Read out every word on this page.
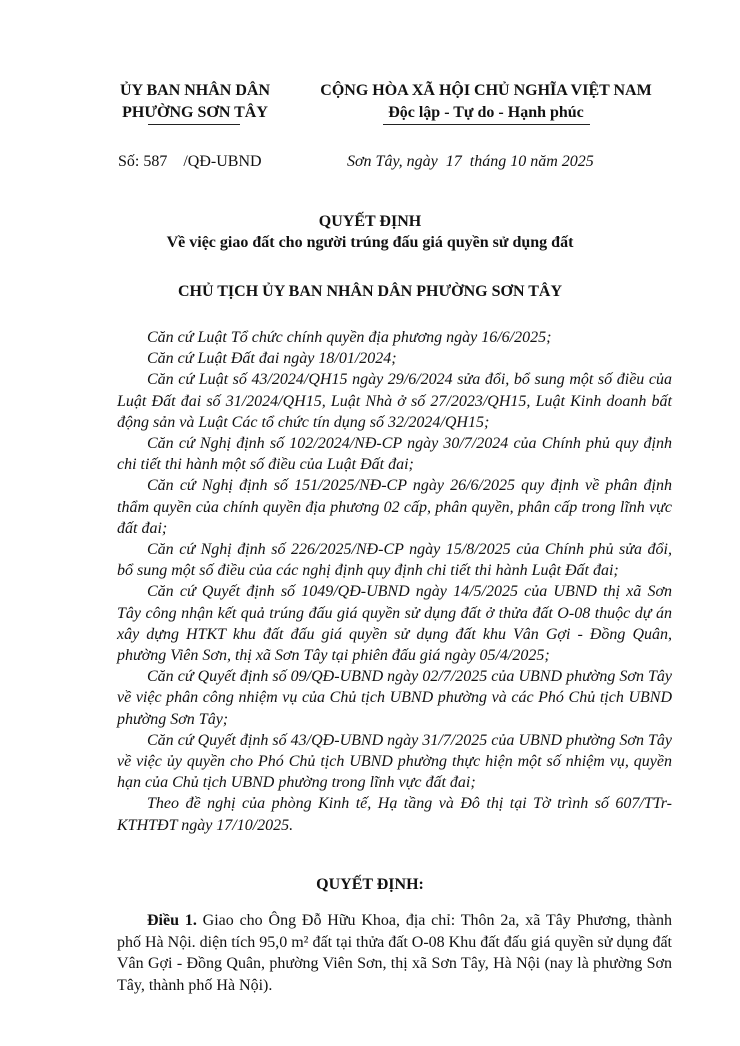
ỦY BAN NHÂN DÂN
PHƯỜNG SƠN TÂY
CỘNG HÒA XÃ HỘI CHỦ NGHĨA VIỆT NAM
Độc lập - Tự do - Hạnh phúc
Số: 587    /QĐ-UBND	Sơn Tây, ngày  17  tháng 10 năm 2025
QUYẾT ĐỊNH
Về việc giao đất cho người trúng đấu giá quyền sử dụng đất
CHỦ TỊCH ỦY BAN NHÂN DÂN PHƯỜNG SƠN TÂY

Căn cứ Luật Tổ chức chính quyền địa phương ngày 16/6/2025;

Căn cứ Luật Đất đai ngày 18/01/2024;

Căn cứ Luật số 43/2024/QH15 ngày 29/6/2024 sửa đổi, bổ sung một số điều của Luật Đất đai số 31/2024/QH15, Luật Nhà ở số 27/2023/QH15, Luật Kinh doanh bất động sản và Luật Các tổ chức tín dụng số 32/2024/QH15;

Căn cứ Nghị định số 102/2024/NĐ-CP ngày 30/7/2024 của Chính phủ quy định chi tiết thi hành một số điều của Luật Đất đai;

Căn cứ Nghị định số 151/2025/NĐ-CP ngày 26/6/2025 quy định về phân định thẩm quyền của chính quyền địa phương 02 cấp, phân quyền, phân cấp trong lĩnh vực đất đai;

Căn cứ Nghị định số 226/2025/NĐ-CP ngày 15/8/2025 của Chính phủ sửa đổi, bổ sung một số điều của các nghị định quy định chi tiết thi hành Luật Đất đai;

Căn cứ Quyết định số 1049/QĐ-UBND ngày 14/5/2025 của UBND thị xã Sơn Tây công nhận kết quả trúng đấu giá quyền sử dụng đất ở thửa đất O-08 thuộc dự án xây dựng HTKT khu đất đấu giá quyền sử dụng đất khu Vân Gợi - Đồng Quân, phường Viên Sơn, thị xã Sơn Tây tại phiên đấu giá ngày 05/4/2025;

Căn cứ Quyết định số 09/QĐ-UBND ngày 02/7/2025 của UBND phường Sơn Tây về việc phân công nhiệm vụ của Chủ tịch UBND phường và các Phó Chủ tịch UBND phường Sơn Tây;

Căn cứ Quyết định số 43/QĐ-UBND ngày 31/7/2025 của UBND phường Sơn Tây về việc ủy quyền cho Phó Chủ tịch UBND phường thực hiện một số nhiệm vụ, quyền hạn của Chủ tịch UBND phường trong lĩnh vực đất đai;

Theo đề nghị của phòng Kinh tế, Hạ tầng và Đô thị tại Tờ trình số 607/TTr-KTHTĐT ngày 17/10/2025.

QUYẾT ĐỊNH:

Điều 1. Giao cho Ông Đỗ Hữu Khoa, địa chỉ: Thôn 2a, xã Tây Phương, thành phố Hà Nội. diện tích 95,0 m² đất tại thửa đất O-08 Khu đất đấu giá quyền sử dụng đất Vân Gợi - Đồng Quân, phường Viên Sơn, thị xã Sơn Tây, Hà Nội (nay là phường Sơn Tây, thành phố Hà Nội).
